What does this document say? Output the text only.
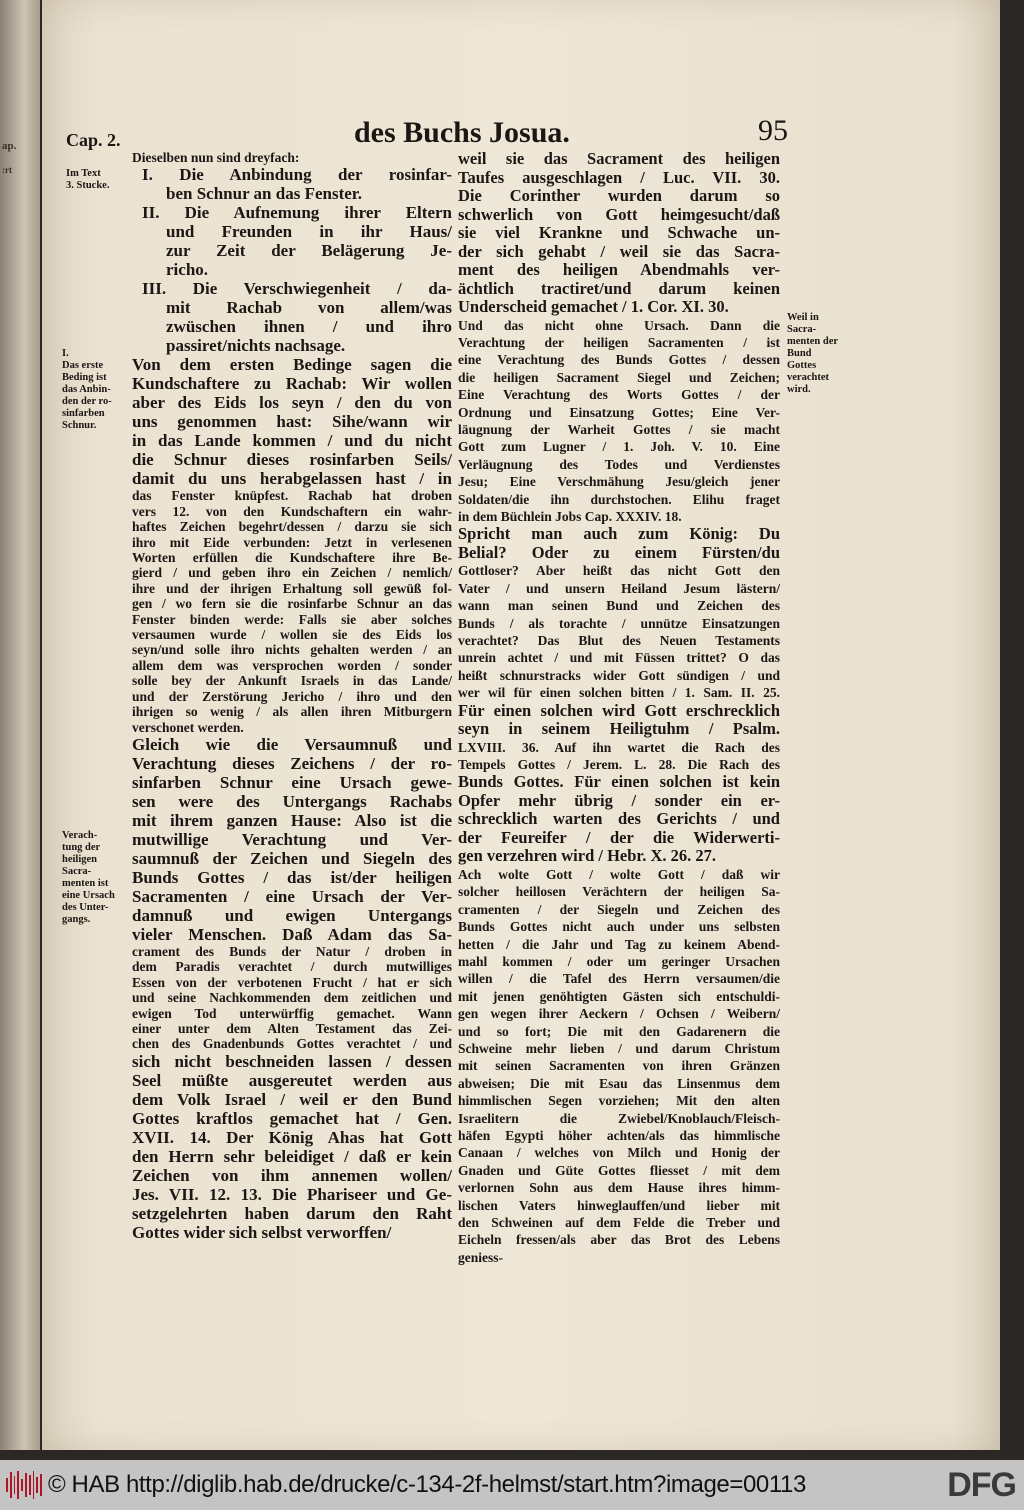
ap.
:rt
Cap. 2.	des Buchs Josua.	95
Im Text
3. Stucke.
I.
Das erste
Beding ist
das Anbin-
den der ro-
sinfarben
Schnur.
Verach-
tung der
heiligen
Sacra-
menten ist
eine Ursach
des Unter-
gangs.
Weil in
Sacra-
menten der
Bund
Gottes
verachtet
wird.
Dieselben nun sind dreyfach:
I. Die Anbindung der rosinfar-
ben Schnur an das Fenster.
II. Die Aufnemung ihrer Eltern
und Freunden in ihr Haus/
zur Zeit der Belägerung Je-
richo.
III. Die Verschwiegenheit / da-
mit Rachab von allem/was
zwüschen ihnen / und ihro
passiret/nichts nachsage.
Von dem ersten Bedinge sagen die
Kundschaftere zu Rachab: Wir wollen
aber des Eids los seyn / den du von
uns genommen hast: Sihe/wann wir
in das Lande kommen / und du nicht
die Schnur dieses rosinfarben Seils/
damit du uns herabgelassen hast / in
das Fenster knüpfest. Rachab hat droben
vers 12. von den Kundschaftern ein wahr-
haftes Zeichen begehrt/dessen / darzu sie sich
ihro mit Eide verbunden: Jetzt in verlesenen
Worten erfüllen die Kundschaftere ihre Be-
gierd / und geben ihro ein Zeichen / nemlich/
ihre und der ihrigen Erhaltung soll gewüß fol-
gen / wo fern sie die rosinfarbe Schnur an das
Fenster binden werde: Falls sie aber solches
versaumen wurde / wollen sie des Eids los
seyn/und solle ihro nichts gehalten werden / an
allem dem was versprochen worden / sonder
solle bey der Ankunft Israels in das Lande/
und der Zerstörung Jericho / ihro und den
ihrigen so wenig / als allen ihren Mitburgern
verschonet werden.
Gleich wie die Versaumnuß und
Verachtung dieses Zeichens / der ro-
sinfarben Schnur eine Ursach gewe-
sen were des Untergangs Rachabs
mit ihrem ganzen Hause: Also ist die
mutwillige Verachtung und Ver-
saumnuß der Zeichen und Siegeln des
Bunds Gottes / das ist/der heiligen
Sacramenten / eine Ursach der Ver-
damnuß und ewigen Untergangs
vieler Menschen. Daß Adam das Sa-
crament des Bunds der Natur / droben in
dem Paradis verachtet / durch mutwilliges
Essen von der verbotenen Frucht / hat er sich
und seine Nachkommenden dem zeitlichen und
ewigen Tod unterwürffig gemachet. Wann
einer unter dem Alten Testament das Zei-
chen des Gnadenbunds Gottes verachtet / und
sich nicht beschneiden lassen / dessen
Seel müßte ausgereutet werden aus
dem Volk Israel / weil er den Bund
Gottes kraftlos gemachet hat / Gen.
XVII. 14. Der König Ahas hat Gott
den Herrn sehr beleidiget / daß er kein
Zeichen von ihm annemen wollen/
Jes. VII. 12. 13. Die Pharisеer und Ge-
setzgelehrten haben darum den Raht
Gottes wider sich selbst verworffen/
weil sie das Sacrament des heiligen
Taufes ausgeschlagen / Luc. VII. 30.
Die Corinther wurden darum so
schwerlich von Gott heimgesucht/daß
sie viel Krankne und Schwache un-
der sich gehabt / weil sie das Sacra-
ment des heiligen Abendmahls ver-
ächtlich tractiret/und darum keinen
Underscheid gemachet / 1. Cor. XI. 30.
Und das nicht ohne Ursach. Dann die
Verachtung der heiligen Sacramenten / ist
eine Verachtung des Bunds Gottes / dessen
die heiligen Sacrament Siegel und Zeichen;
Eine Verachtung des Worts Gottes / der
Ordnung und Einsatzung Gottes; Eine Ver-
läugnung der Warheit Gottes / sie macht
Gott zum Lugner / 1. Joh. V. 10. Eine
Verläugnung des Todes und Verdienstes
Jesu; Eine Verschmähung Jesu/gleich jener
Soldaten/die ihn durchstochen. Elihu fraget
in dem Büchlein Jobs Cap. XXXIV. 18.
Spricht man auch zum König: Du
Belial? Oder zu einem Fürsten/du
Gottloser? Aber heißt das nicht Gott den
Vater / und unsern Heiland Jesum lästern/
wann man seinen Bund und Zeichen des
Bunds / als torachte / unnütze Einsatzungen
verachtet? Das Blut des Neuen Testaments
unrein achtet / und mit Füssen trittet? O das
heißt schnurstracks wider Gott sündigen / und
wer wil für einen solchen bitten / 1. Sam. II. 25.
Für einen solchen wird Gott erschrecklich
seyn in seinem Heiligtuhm / Psalm.
LXVIII. 36. Auf ihn wartet die Rach des
Tempels Gottes / Jerem. L. 28. Die Rach des
Bunds Gottes. Für einen solchen ist kein
Opfer mehr übrig / sonder ein er-
schrecklich warten des Gerichts / und
der Feureifer / der die Widerwerti-
gen verzehren wird / Hebr. X. 26. 27.
Ach wolte Gott / wolte Gott / daß wir
solcher heillosen Verächtern der heiligen Sa-
cramenten / der Siegeln und Zeichen des
Bunds Gottes nicht auch under uns selbsten
hetten / die Jahr und Tag zu keinem Abend-
mahl kommen / oder um geringer Ursachen
willen / die Tafel des Herrn versaumen/die
mit jenen genöhtigten Gästen sich entschuldi-
gen wegen ihrer Aeckern / Ochsen / Weibern/
und so fort; Die mit den Gadarenern die
Schweine mehr lieben / und darum Christum
mit seinen Sacramenten von ihren Gränzen
abweisen; Die mit Esau das Linsenmus dem
himmlischen Segen vorziehen; Mit den alten
Israelitern die Zwiebel/Knoblauch/Fleisch-
häfen Egypti höher achten/als das himmlische
Canaan / welches von Milch und Honig der
Gnaden und Güte Gottes fliesset / mit dem
verlornen Sohn aus dem Hause ihres himm-
lischen Vaters hinweglauffen/und lieber mit
den Schweinen auf dem Felde die Treber und
Eicheln fressen/als aber das Brot des Lebens
geniess-
© HAB http://diglib.hab.de/drucke/c-134-2f-helmst/start.htm?image=00113	DFG
